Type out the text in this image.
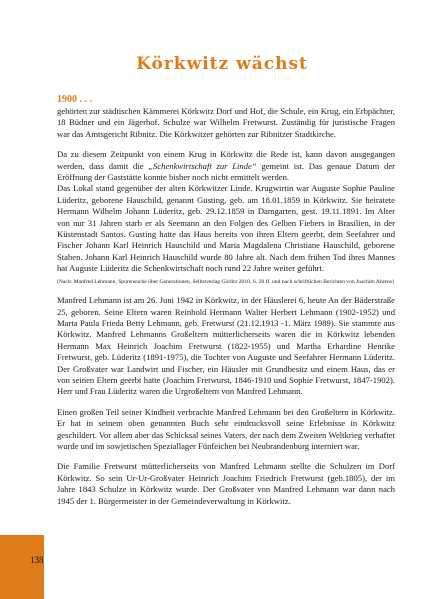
Körkwitz wächst

1900 . . .
gehörten zur städtischen Kämmerei Körkwitz Dorf und Hof, die Schule, ein Krug, ein Erbpächter, 18 Büdner und ein Jägerhof. Schulze war Wilhelm Fretwurst. Zuständig für juristische Fragen war das Amtsgericht Ribnitz. Die Körkwitzer gehörten zur Ribnitzer Stadtkirche.

Da zu diesem Zeitpunkt von einem Krug in Körkwitz die Rede ist, kann davon ausgegangen werden, dass damit die „Schenkwirtschaft zur Linde“ gemeint ist. Das genaue Datum der Eröffnung der Gaststätte konnte bisher noch nicht ermittelt werden.
Das Lokal stand gegenüber der alten Körkwitzer Linde. Krugwirtin war Auguste Sophie Pauline Lüderitz, geborene Hauschild, genannt Gusting, geb. am 18.01.1859 in Körkwitz. Sie heiratete Hermann Wilhelm Johann Lüderitz, geb. 29.12.1859 in Damgarten, gest. 19.11.1891. Im Alter von nur 31 Jahren starb er als Seemann an den Folgen des Gelben Fiebers in Brasilien, in der Küstenstadt Santos. Gusting hatte das Haus bereits von ihren Eltern geerbt, dem Seefahrer und Fischer Johann Karl Heinrich Hauschild und Maria Magdalena Christiane Hauschild, geborene Staben. Johann Karl Heinrich Hauschild wurde 80 Jahre alt. Nach dem frühen Tod ihres Mannes hat Auguste Lüderitz die Schenkwirtschaft noch rund 22 Jahre weiter geführt.
(Nach: Manfred Lehmann, Spurensuche über Generationen, Selbstverlag Görlitz 2010, S. 28 ff. und nach schriftlichen Berichten von Joachim Ahrens)

Manfred Lehmann ist am 26. Juni 1942 in Körkwitz, in der Häuslerei 6, heute An der Bäderstraße 25, geboren. Seine Eltern waren Reinhold Hermann Walter Herbert Lehmann (1902-1952) und Marta Paula Frieda Betty Lehmann, geb. Fretwurst (21.12.1913 -1. März 1989). Sie stammte aus Körkwitz. Manfred Lehmanns Großeltern mütterlicherseits waren die in Körkwitz lebenden Hermann Max Heinrich Joachim Fretwurst (1822-1955) und Martha Erhardine Henrike Fretwurst, geb. Lüderitz (1891-1975), die Tochter von Auguste und Seefahrer Hermann Lüderitz. Der Großvater war Landwirt und Fischer, ein Häusler mit Grundbesitz und einem Haus, das er von seinen Eltern geerbt hatte (Joachim Fretwurst, 1846-1910 und Sophie Fretwurst, 1847-1902). Herr und Frau Lüderitz waren die Urgroßeltern von Manfred Lehmann.

Einen großen Teil seiner Kindheit verbrachte Manfred Lehmann bei den Großeltern in Körkwitz. Er hat in seinem oben genannten Buch sehr eindrucksvoll seine Erlebnisse in Körkwitz geschildert. Vor allem aber das Schicksal seines Vaters, der nach dem Zweiten Weltkrieg verhaftet wurde und im sowjetischen Speziallager Fünfeichen bei Neubrandenburg interniert war.

Die Familie Fretwurst mütterlicherseits von Manfred Lehmann stellte die Schulzen im Dorf Körkwitz. So sein Ur-Ur-Großvater Heinrich Joachim Friedrich Fretwurst (geb.1805), der im Jahre 1843 Schulze in Körkwitz wurde. Der Großvater von Manfred Lehmann war dann nach 1945 der 1. Bürgermeister in der Gemeindeverwaltung in Körkwitz.

138
